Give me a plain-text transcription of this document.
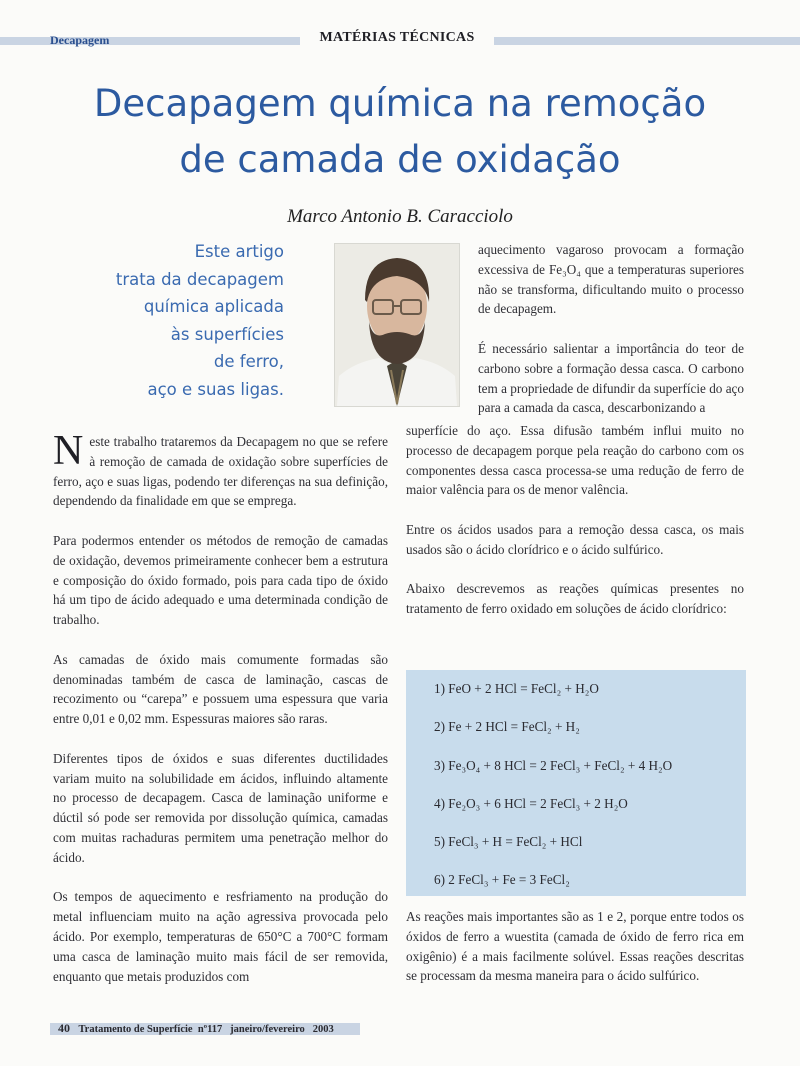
Decapagem	MATÉRIAS TÉCNICAS
Decapagem química na remoção
de camada de oxidação
Marco Antonio B. Caracciolo
Este artigo
trata da decapagem
química aplicada
às superfícies
de ferro,
aço e suas ligas.

Neste trabalho trataremos da Decapagem no que se refere à remoção de camada de oxidação sobre superfícies de ferro, aço e suas ligas, podendo ter diferenças na sua definição, dependendo da finalidade em que se emprega.

Para podermos entender os métodos de remoção de camadas de oxidação, devemos primeiramente conhecer bem a estrutura e composição do óxido formado, pois para cada tipo de óxido há um tipo de ácido adequado e uma determinada condição de trabalho.

As camadas de óxido mais comumente formadas são denominadas também de casca de laminação, cascas de recozimento ou “carepa” e possuem uma espessura que varia entre 0,01 e 0,02 mm. Espessuras maiores são raras.

Diferentes tipos de óxidos e suas diferentes ductilidades variam muito na solubilidade em ácidos, influindo altamente no processo de decapagem. Casca de laminação uniforme e dúctil só pode ser removida por dissolução química, camadas com muitas rachaduras permitem uma penetração melhor do ácido.

Os tempos de aquecimento e resfriamento na produção do metal influenciam muito na ação agressiva provocada pelo ácido. Por exemplo, temperaturas de 650°C a 700°C formam uma casca de laminação muito mais fácil de ser removida, enquanto que metais produzidos com

aquecimento vagaroso provocam a formação excessiva de Fe₃O₄ que a temperaturas superiores não se transforma, dificultando muito o processo de decapagem.

É necessário salientar a importância do teor de carbono sobre a formação dessa casca. O carbono tem a propriedade de difundir da superfície do aço para a camada da casca, descarbonizando a

superfície do aço. Essa difusão também influi muito no processo de decapagem porque pela reação do carbono com os componentes dessa casca processa-se uma redução de ferro de maior valência para os de menor valência.

Entre os ácidos usados para a remoção dessa casca, os mais usados são o ácido clorídrico e o ácido sulfúrico.

Abaixo descrevemos as reações químicas presentes no tratamento de ferro oxidado em soluções de ácido clorídrico:

1) FeO + 2 HCl = FeCl₂ + H₂O
2) Fe + 2 HCl = FeCl₂ + H₂
3) Fe₃O₄ + 8 HCl = 2 FeCl₃ + FeCl₂ + 4 H₂O
4) Fe₂O₃ + 6 HCl = 2 FeCl₃ + 2 H₂O
5) FeCl₃ + H = FeCl₂ + HCl
6) 2 FeCl₃ + Fe = 3 FeCl₂

As reações mais importantes são as 1 e 2, porque entre todos os óxidos de ferro a wuestita (camada de óxido de ferro rica em oxigênio) é a mais facilmente solúvel. Essas reações descritas se processam da mesma maneira para o ácido sulfúrico.

40 Tratamento de Superfície nº117 janeiro/fevereiro 2003
